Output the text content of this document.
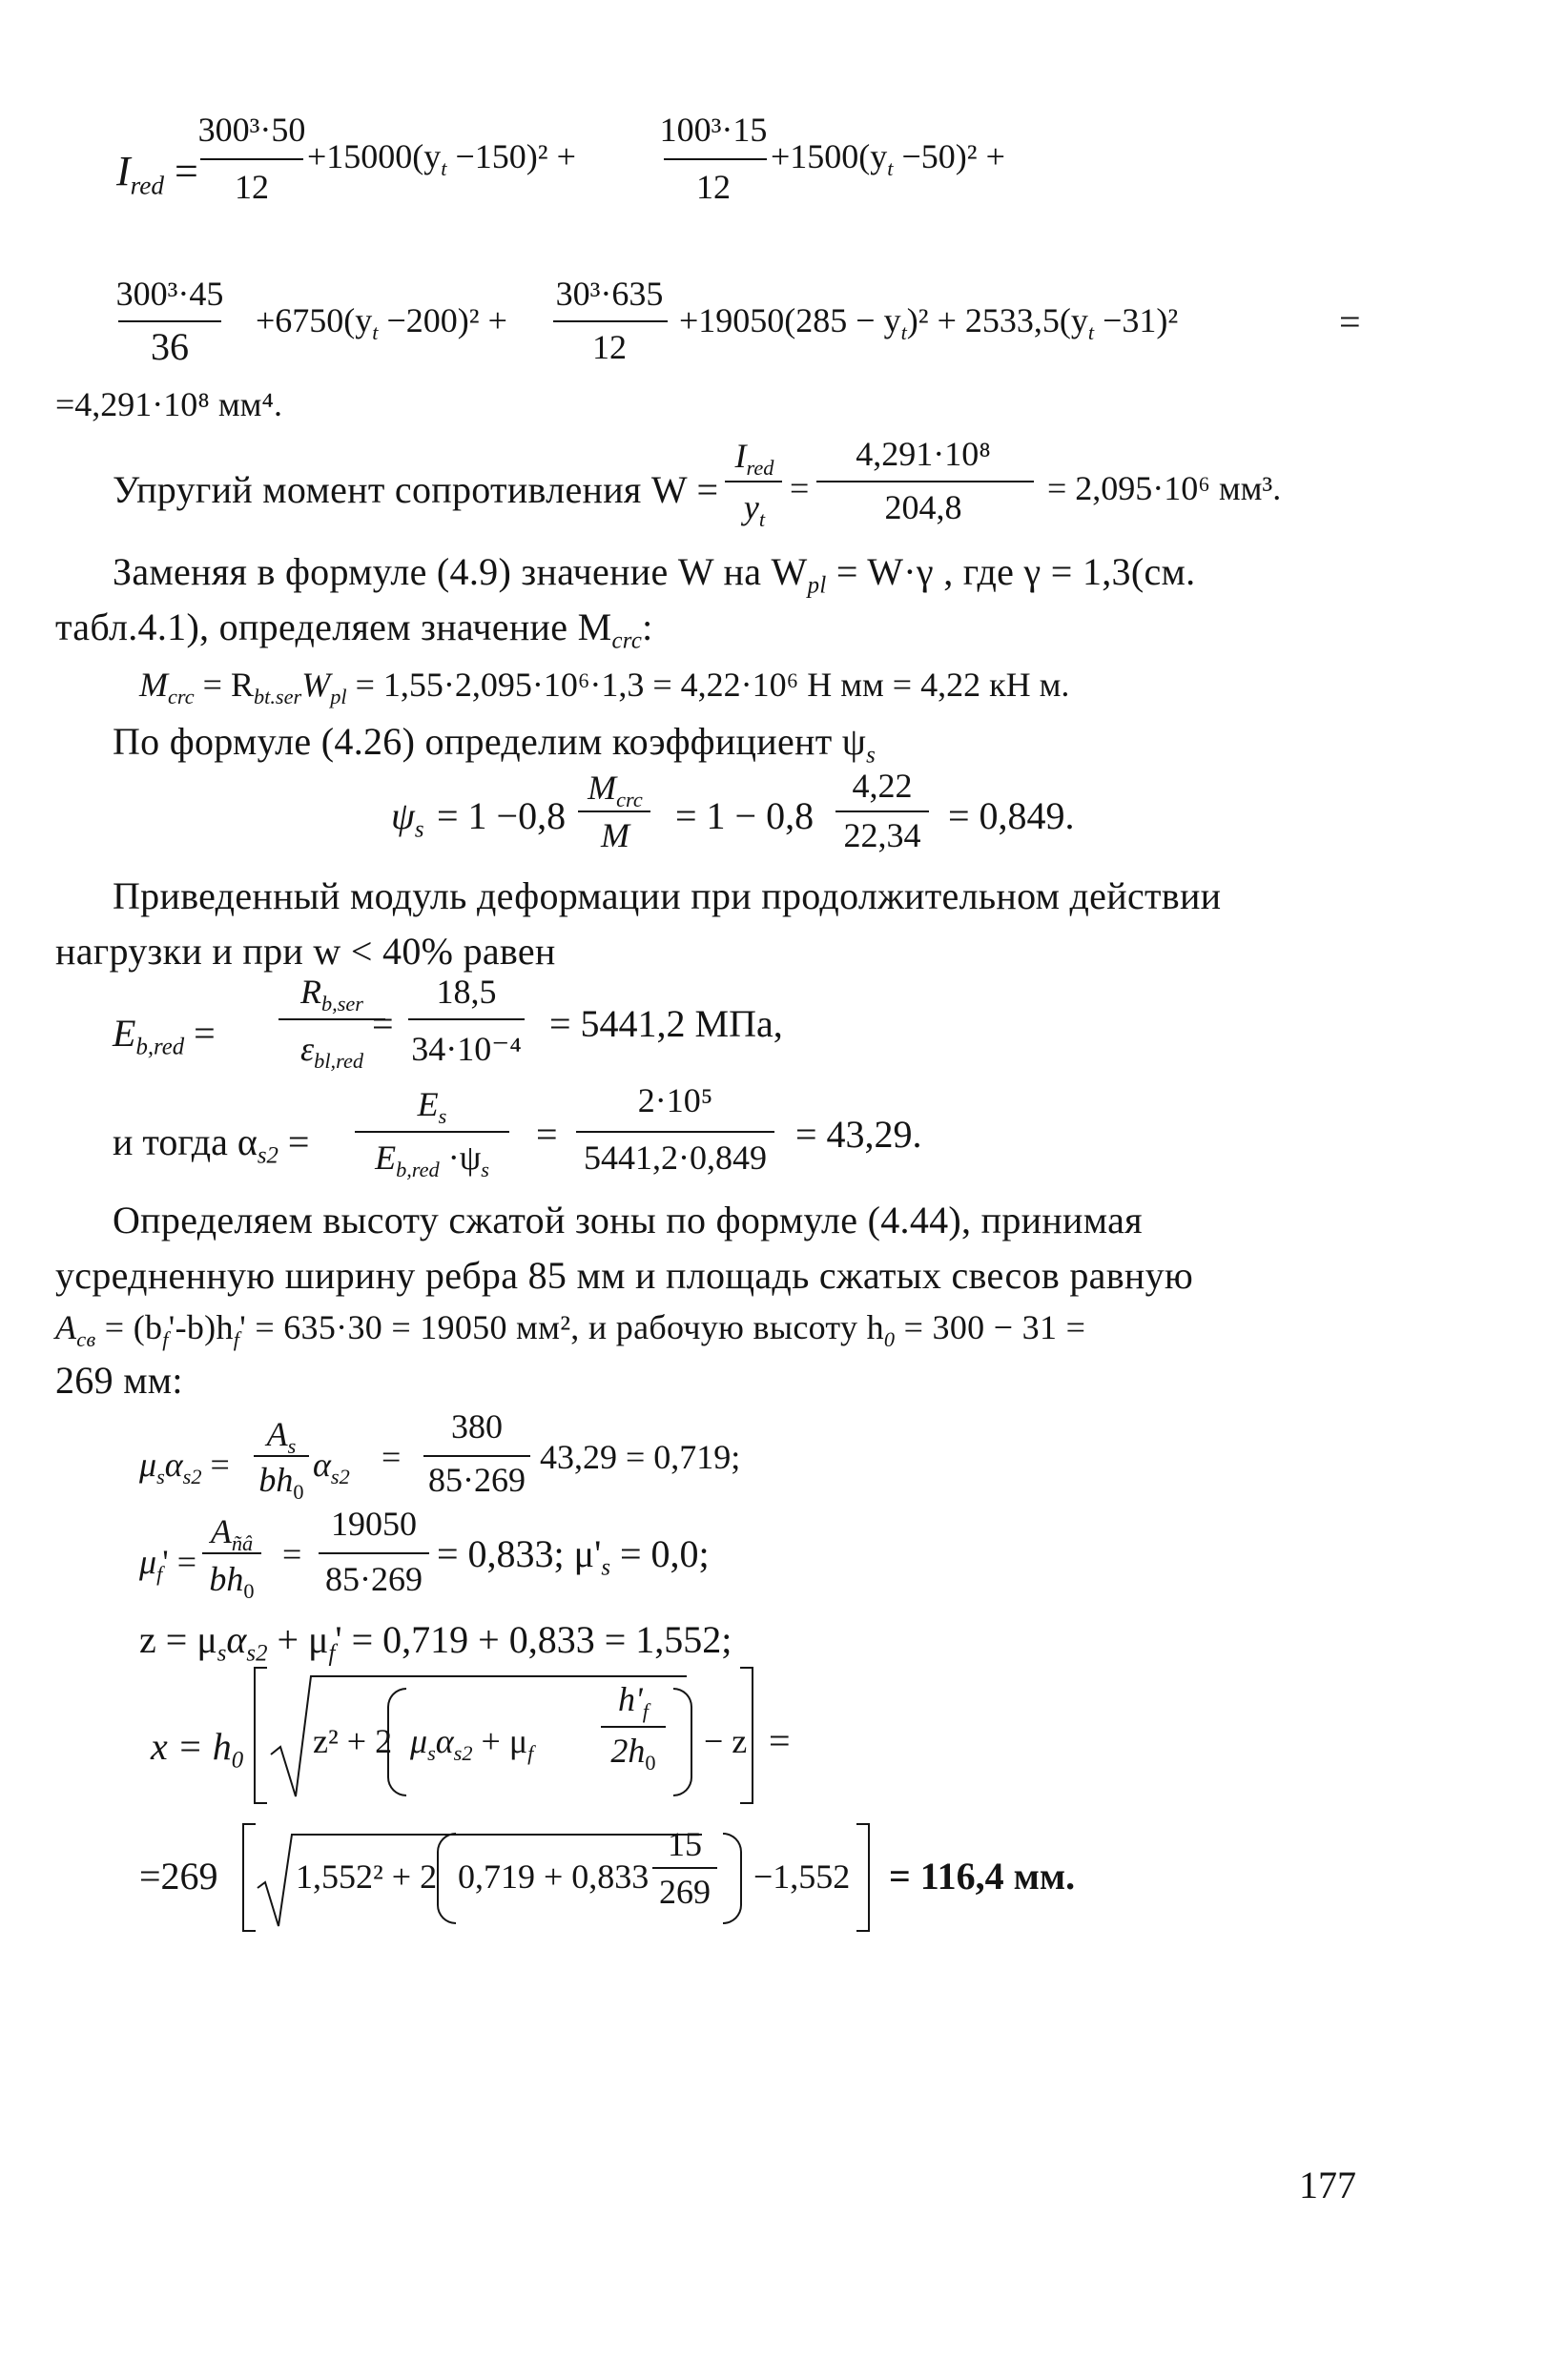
$I_{red}$ =
300³·50
12
$+15000(y_t -150)^2$ +
100³·15
12
$+1500(y_t -50)^2$ +
300³·45
36
$+6750(y_t -200)^2$ +
30³·635
12
$+19050(285 - y_t)^2 + 2533,5(y_t -31)^2$	=
=4,291·10⁸ мм⁴.
Упругий момент сопротивления W =
$I_{red}$
$y_t$
=
4,291·10⁸
204,8	= 2,095·10⁶ мм³.
Заменяя в формуле (4.9) значение W на $W_{pl} = W\cdot\gamma$ , где γ = 1,3(см.
табл.4.1), определяем значение $M_{crc}$:
$M_{crc} = R_{bt.ser}W_{pl} = 1,55\cdot 2,095\cdot 10^6\cdot 1,3 = 4,22\cdot 10^6$ Н мм = 4,22 кН м.
По формуле (4.26) определим коэффициент $\psi_s$
$\psi_s = 1 -0,8$
$M_{crc}$
M	= 1 − 0,8
4,22
22,34 = 0,849.
Приведенный модуль деформации при продолжительном действии
нагрузки и при w < 40% равен
$E_{b,red}$ =
$R_{b,ser}$
$\varepsilon_{bl,red}$
=
18,5
34·10⁻⁴
= 5441,2 МПа,
и тогда $\alpha_{s2}$ =
$E_s$
$E_{b,red} \cdot\psi_s$
=
2·10⁵
5441,2·0,849
= 43,29.
Определяем высоту сжатой зоны по формуле (4.44), принимая
усредненную ширину ребра 85 мм и площадь сжатых свесов равную
$A_{св} = (b_f'-b)h_f' = 635\cdot 30 = 19050$ мм², и рабочую высоту $h_0 = 300 - 31$ =
269 мм:
$\mu_s\alpha_{s2}$ =
$A_s$
$bh_0$
$\alpha_{s2}$
=
380
85·269
43,29 = 0,719;
$\mu_f'$ =
$A_{ñâ}$
$bh_0$
=
19050
85·269
= 0,833; $\mu'_s = 0,0$;
$z = \mu_s\alpha_{s2} + \mu_f' = 0,719 + 0,833 = 1,552$;
$x = h_0$
z² + 2 $\mu_s\alpha_{s2} + \mu_f$
$h'_f$
$2h_0$
− z =
=269 1,552² + 2 0,719 + 0,833
15
269	−1,552 = 116,4 мм.
177
